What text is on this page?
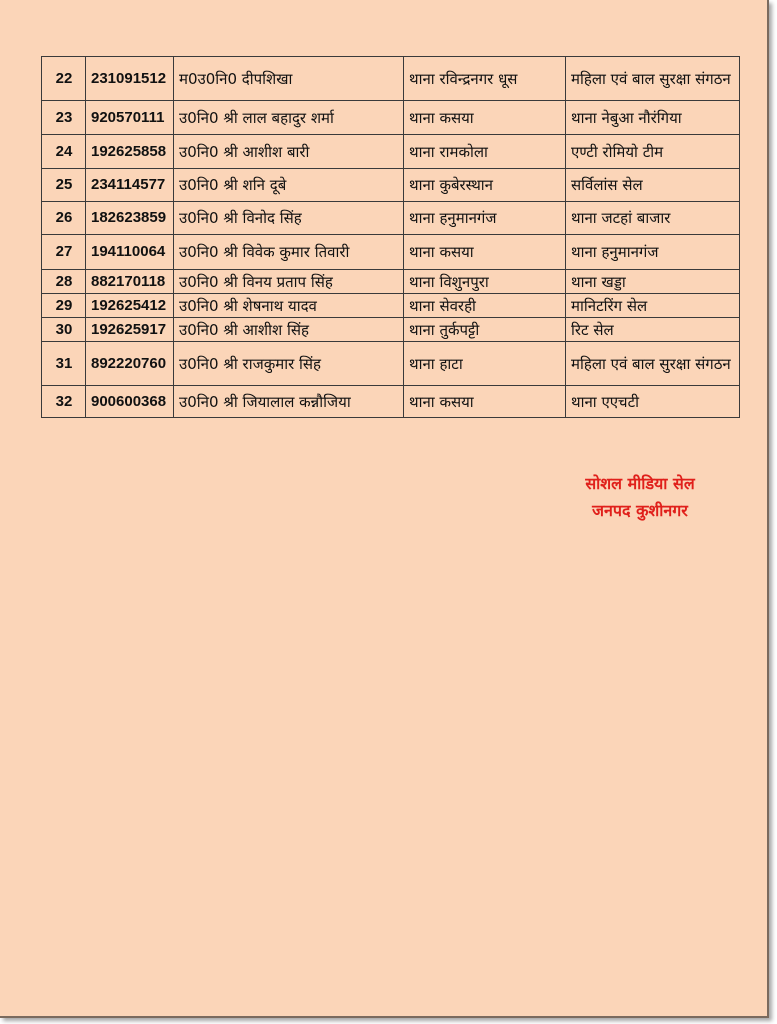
22	231091512	म0उ0नि0 दीपशिखा	थाना रविन्द्रनगर धूस	महिला एवं बाल सुरक्षा संगठन
23	920570111	उ0नि0 श्री लाल बहादुर शर्मा	थाना कसया	थाना नेबुआ नौरंगिया
24	192625858	उ0नि0 श्री आशीश बारी	थाना रामकोला	एण्टी रोमियो टीम
25	234114577	उ0नि0 श्री शनि दूबे	थाना कुबेरस्थान	सर्विलांस सेल
26	182623859	उ0नि0 श्री विनोद सिंह	थाना हनुमानगंज	थाना जटहां बाजार
27	194110064	उ0नि0 श्री विवेक कुमार तिवारी	थाना कसया	थाना हनुमानगंज
28	882170118	उ0नि0 श्री विनय प्रताप सिंह	थाना विशुनपुरा	थाना खड्डा
29	192625412	उ0नि0 श्री शेषनाथ यादव	थाना सेवरही	मानिटरिंग सेल
30	192625917	उ0नि0 श्री आशीश सिंह	थाना तुर्कपट्टी	रिट सेल
31	892220760	उ0नि0 श्री राजकुमार सिंह	थाना हाटा	महिला एवं बाल सुरक्षा संगठन
32	900600368	उ0नि0 श्री जियालाल कन्नौजिया	थाना कसया	थाना एएचटी
सोशल मीडिया सेल
जनपद कुशीनगर
